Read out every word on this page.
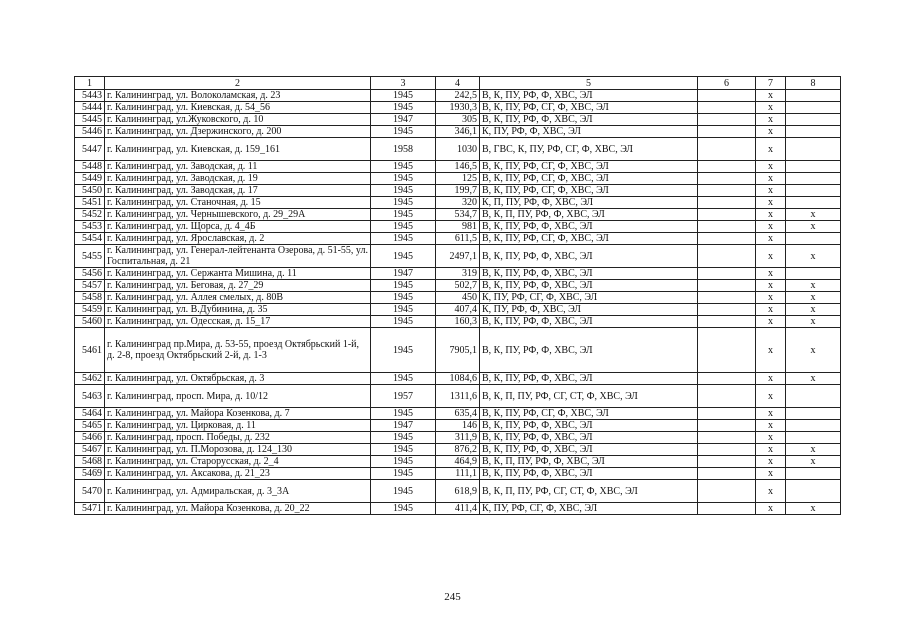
1	2	3	4	5	6	7	8
5443	г. Калининград, ул. Волоколамская, д. 23	1945	242,5	В, К, ПУ, РФ, Ф, ХВС, ЭЛ		х	
5444	г. Калининград, ул. Киевская, д. 54_56	1945	1930,3	В, К, ПУ, РФ, СГ, Ф, ХВС, ЭЛ		х	
5445	г. Калининград, ул.Жуковского, д. 10	1947	305	В, К, ПУ, РФ, Ф, ХВС, ЭЛ		х	
5446	г. Калининград, ул. Дзержинского, д. 200	1945	346,1	К, ПУ, РФ, Ф, ХВС, ЭЛ		х	
5447	г. Калининград, ул. Киевская, д. 159_161	1958	1030	В, ГВС, К, ПУ, РФ, СГ, Ф, ХВС, ЭЛ		х	
5448	г. Калининград, ул. Заводская, д. 11	1945	146,5	В, К, ПУ, РФ, СГ, Ф, ХВС, ЭЛ		х	
5449	г. Калининград, ул. Заводская, д. 19	1945	125	В, К, ПУ, РФ, СГ, Ф, ХВС, ЭЛ		х	
5450	г. Калининград, ул. Заводская, д. 17	1945	199,7	В, К, ПУ, РФ, СГ, Ф, ХВС, ЭЛ		х	
5451	г. Калининград, ул. Станочная, д. 15	1945	320	К, П, ПУ, РФ, Ф, ХВС, ЭЛ		х	
5452	г. Калининград, ул. Чернышевского, д. 29_29А	1945	534,7	В, К, П, ПУ, РФ, Ф, ХВС, ЭЛ		х	х
5453	г. Калининград, ул. Щорса, д. 4_4Б	1945	981	В, К, ПУ, РФ, Ф, ХВС, ЭЛ		х	х
5454	г. Калининград, ул. Ярославская, д. 2	1945	611,5	В, К, ПУ, РФ, СГ, Ф, ХВС, ЭЛ		х	
5455	г. Калининград, ул. Генерал-лейтенанта Озерова, д. 51-55, ул. Госпитальная, д. 21	1945	2497,1	В, К, ПУ, РФ, Ф, ХВС, ЭЛ		х	х
5456	г. Калининград, ул. Сержанта Мишина, д. 11	1947	319	В, К, ПУ, РФ, Ф, ХВС, ЭЛ		х	
5457	г. Калининград, ул. Беговая, д. 27_29	1945	502,7	В, К, ПУ, РФ, Ф, ХВС, ЭЛ		х	х
5458	г. Калининград, ул. Аллея смелых, д. 80В	1945	450	К, ПУ, РФ, СГ, Ф, ХВС, ЭЛ		х	х
5459	г. Калининград, ул. В.Дубинина, д. 35	1945	407,4	К, ПУ, РФ, Ф, ХВС, ЭЛ		х	х
5460	г. Калининград, ул. Одесская, д. 15_17	1945	160,3	В, К, ПУ, РФ, Ф, ХВС, ЭЛ		х	х
5461	г. Калининград пр.Мира, д. 53-55, проезд Октябрьский 1-й, д. 2-8, проезд Октябрьский 2-й, д. 1-3	1945	7905,1	В, К, ПУ, РФ, Ф, ХВС, ЭЛ		х	х
5462	г. Калининград, ул. Октябрьская, д. 3	1945	1084,6	В, К, ПУ, РФ, Ф, ХВС, ЭЛ		х	х
5463	г. Калининград, просп. Мира, д. 10/12	1957	1311,6	В, К, П, ПУ, РФ, СГ, СТ, Ф, ХВС, ЭЛ		х	
5464	г. Калининград, ул. Майора Козенкова, д. 7	1945	635,4	В, К, ПУ, РФ, СГ, Ф, ХВС, ЭЛ		х	
5465	г. Калининград, ул. Цирковая, д. 11	1947	146	В, К, ПУ, РФ, Ф, ХВС, ЭЛ		х	
5466	г. Калининград, просп. Победы, д. 232	1945	311,9	В, К, ПУ, РФ, Ф, ХВС, ЭЛ		х	
5467	г. Калининград, ул. П.Морозова, д. 124_130	1945	876,2	В, К, ПУ, РФ, Ф, ХВС, ЭЛ		х	х
5468	г. Калининград, ул. Старорусская, д. 2_4	1945	464,9	В, К, П, ПУ, РФ, Ф, ХВС, ЭЛ		х	х
5469	г. Калининград, ул. Аксакова, д. 21_23	1945	111,1	В, К, ПУ, РФ, Ф, ХВС, ЭЛ		х	
5470	г. Калининград, ул. Адмиральская, д. 3_3А	1945	618,9	В, К, П, ПУ, РФ, СГ, СТ, Ф, ХВС, ЭЛ		х	
5471	г. Калининград, ул. Майора Козенкова, д. 20_22	1945	411,4	К, ПУ, РФ, СГ, Ф, ХВС, ЭЛ		х	х
245
